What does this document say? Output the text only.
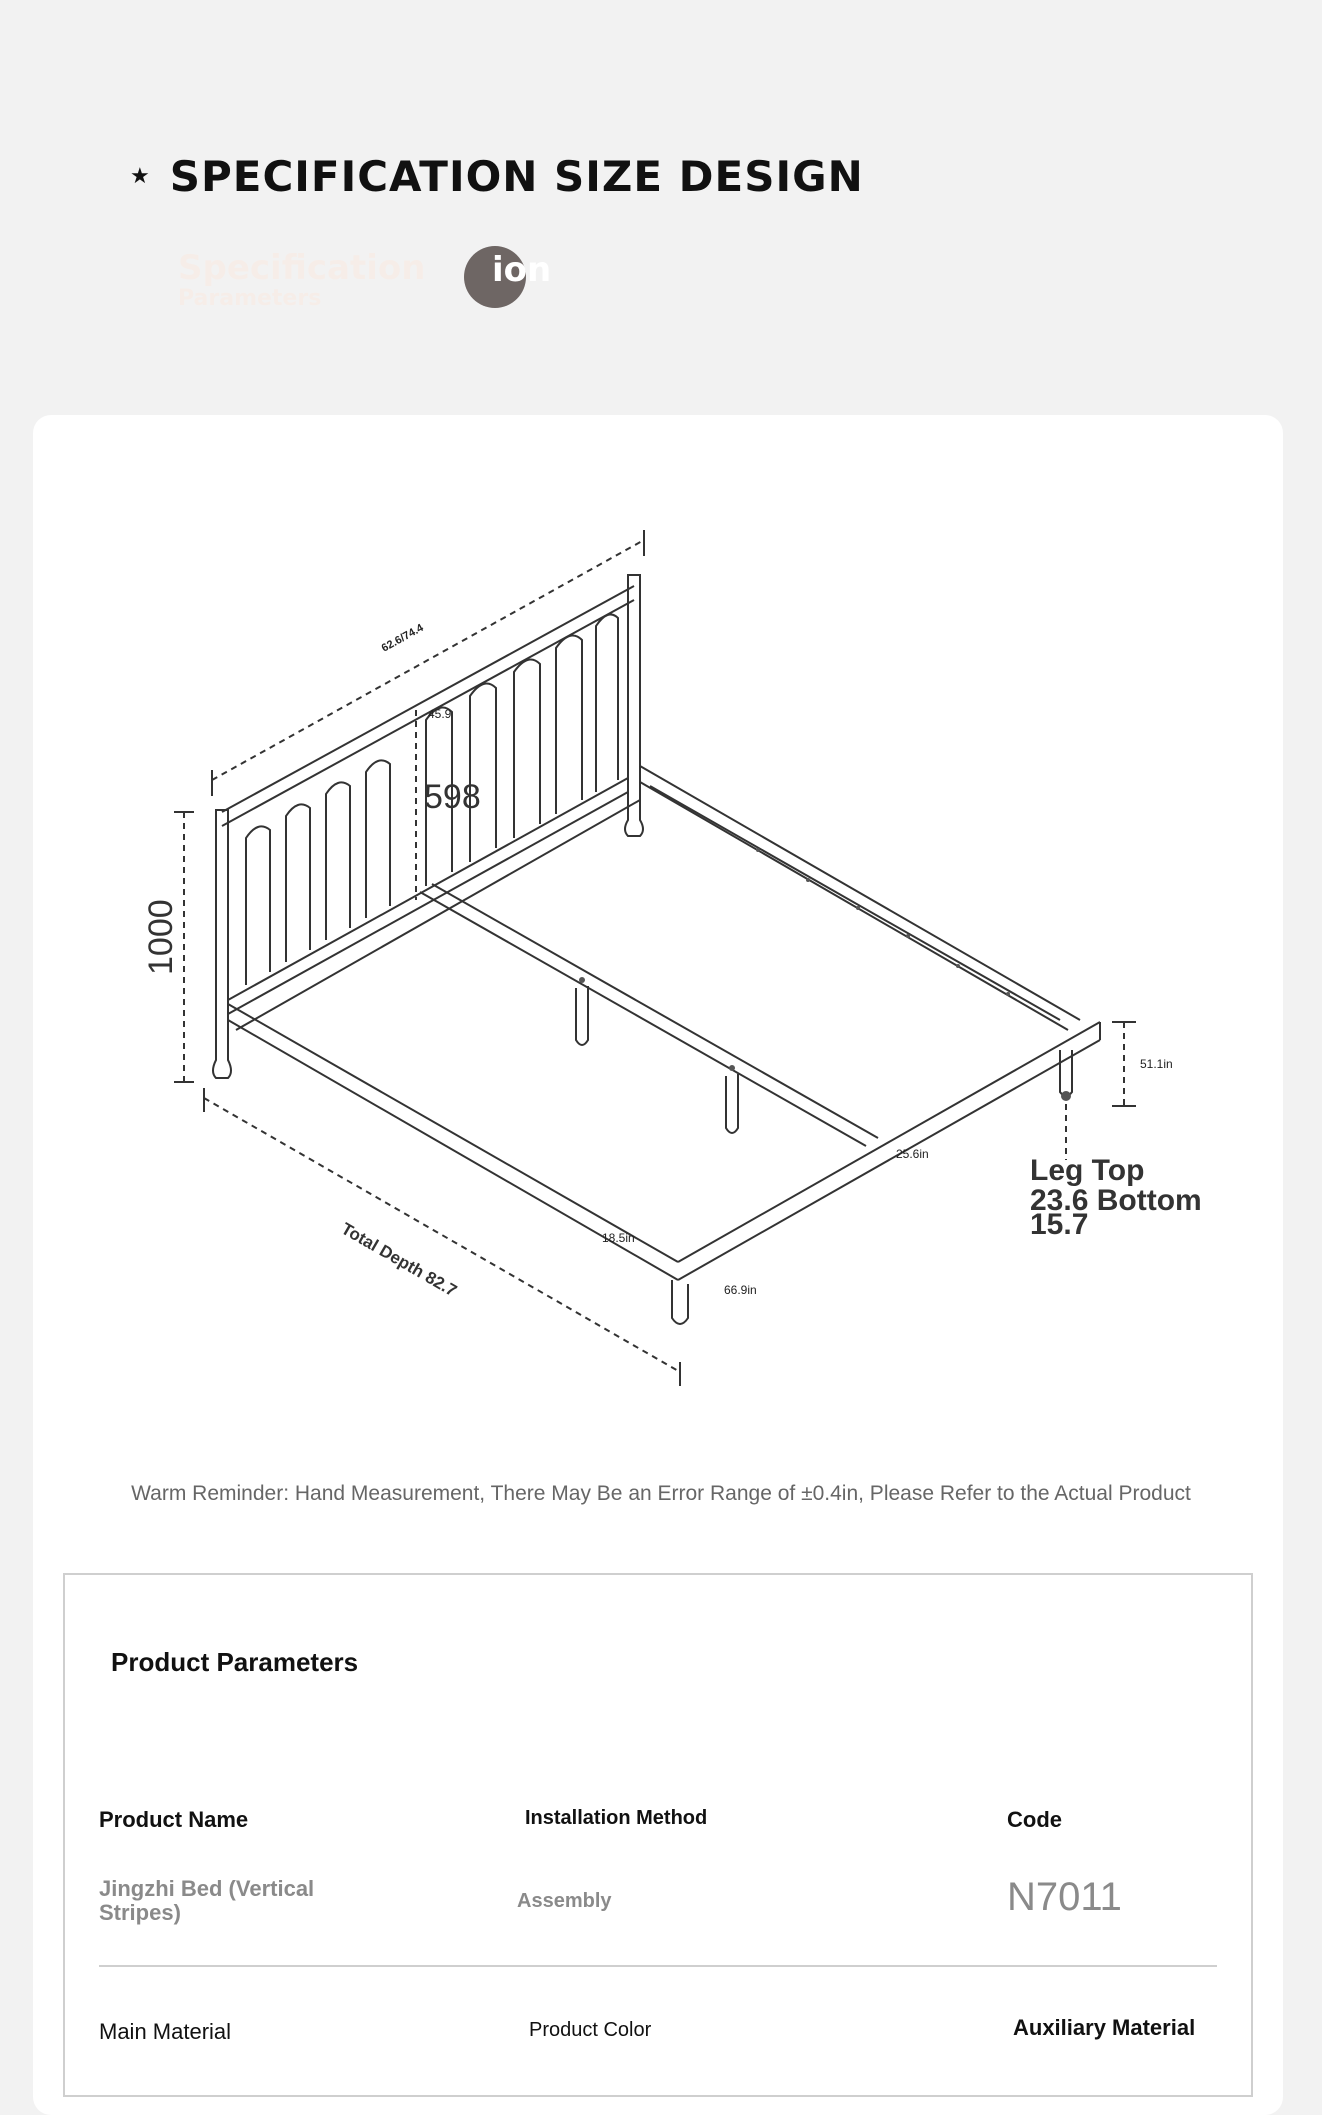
★ SPECIFICATION SIZE DESIGN
Specification
Parameters
ion
62.6/74.4
45.9
598
1000
51.1in
25.6in	Leg Top
23.6 Bottom
15.7
Total Depth 82.7	18.5in
66.9in
Warm Reminder: Hand Measurement, There May Be an Error Range of ±0.4in, Please Refer to the Actual Product
Product Parameters
Product Name	Installation Method	Code
Jingzhi Bed (Vertical
Stripes)	Assembly	N7011
Main Material	Product Color	Auxiliary Material
